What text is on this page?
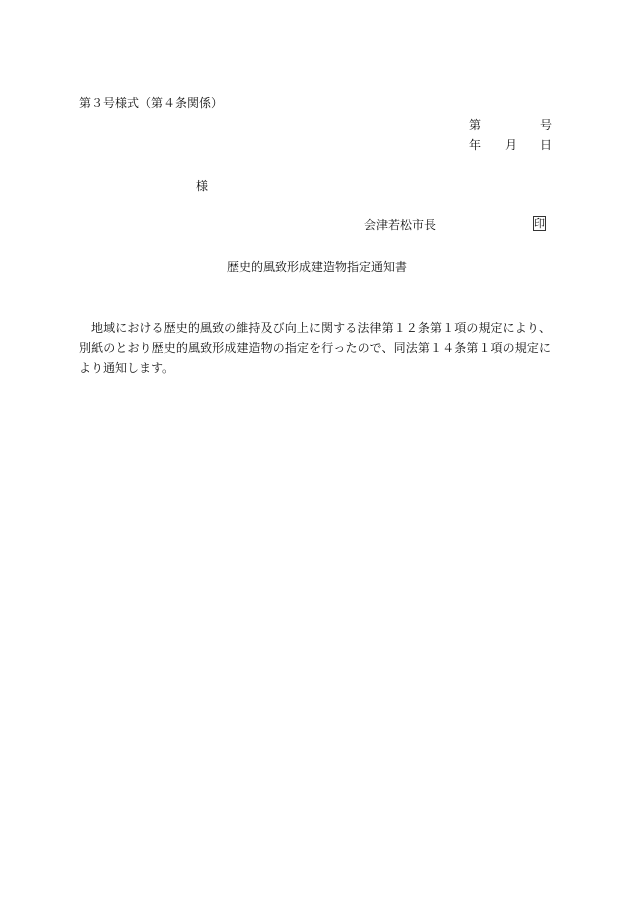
第３号様式（第４条関係）
第	号
年 月 日
様
会津若松市長	印
歴史的風致形成建造物指定通知書

地域における歴史的風致の維持及び向上に関する法律第１２条第１項の規定により、別紙のとおり歴史的風致形成建造物の指定を行ったので、同法第１４条第１項の規定により通知します。
